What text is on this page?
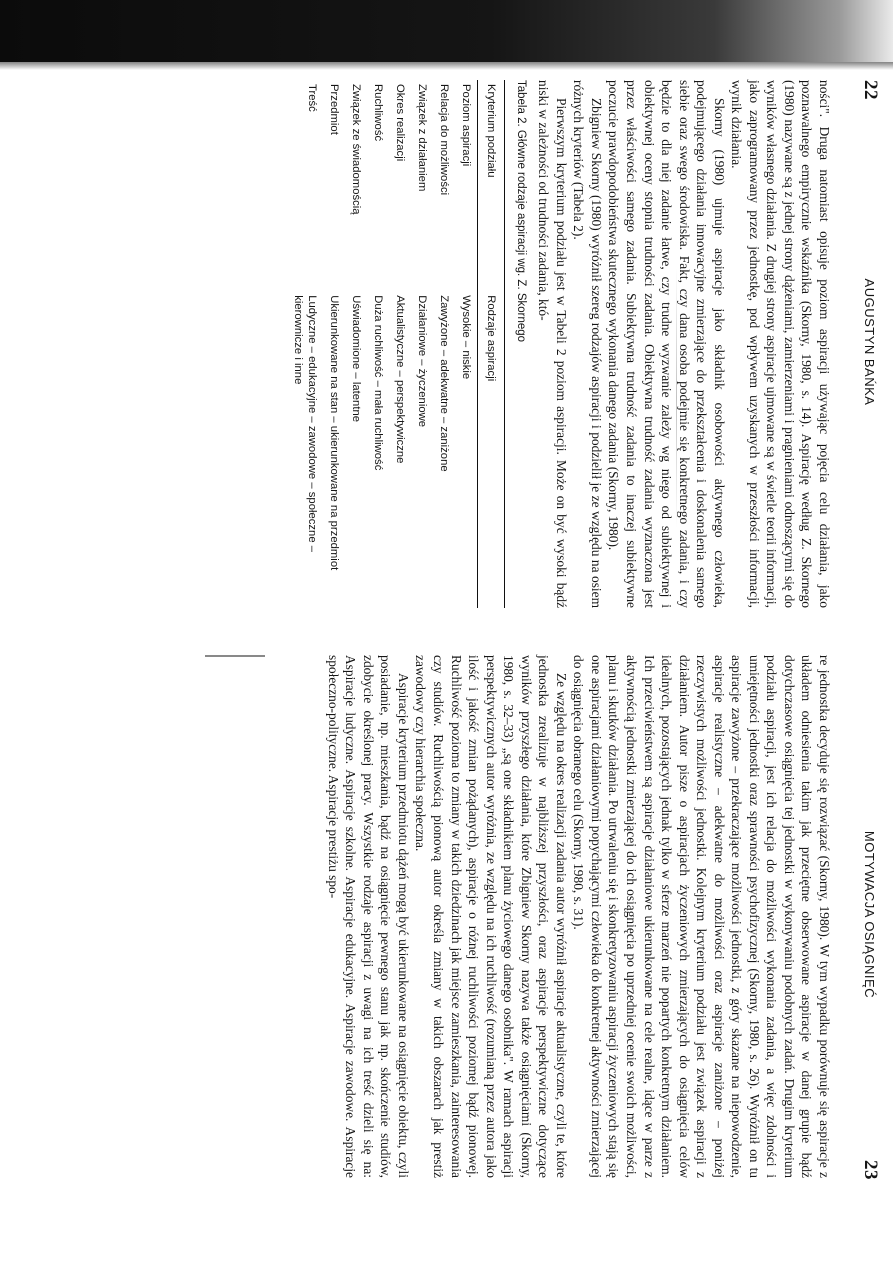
22
AUGUSTYN BAŃKA

ności". Druga natomiast opisuje poziom aspiracji używając pojęcia celu działania, jako poznawalnego empirycznie wskaźnika (Skorny, 1980, s. 14). Aspirację według Z. Skornego (1980) nazywane są z jednej strony dążeniami, zamierzeniami i pragnieniami odnoszącymi się do wyników własnego działania. Z drugiej strony aspiracje ujmowane są w świetle teorii informacji, jako zaprogramowany przez jednostkę, pod wpływem uzyskanych w przeszłości informacji, wynik działania.

Skorny (1980) ujmuje aspiracje jako składnik osobowości aktywnego człowieka, podejmującego działania innowacyjne zmierzające do przekształcenia i doskonalenia samego siebie oraz swego środowiska. Fakt, czy dana osoba podejmie się konkretnego zadania, i czy będzie to dla niej zadanie łatwe, czy trudne wyzwanie zależy wg niego od subiektywnej i obiektywnej oceny stopnia trudności zadania. Obiektywna trudność zadania wyznaczona jest przez właściwości samego zadania. Subiektywna trudność zadania to inaczej subiektywne poczucie prawdopodobieństwa skutecznego wykonania danego zadania (Skorny, 1980).

Zbigniew Skorny (1980) wyróżnił szereg rodzajów aspiracji i podzielił je ze względu na osiem różnych kryteriów (Tabela 2).

Pierwszym kryterium podziału jest w Tabeli 2 poziom aspiracji. Może on być wysoki bądź niski w zależności od trudności zadania, któ-

Tabela 2. Główne rodzaje aspiracji wg. Z. Skornego
Kryterium podziału	Rodzaje aspiracji
Poziom aspiracji	Wysokie – niskie
Relacja do możliwości	Zawyżone – adekwatne – zaniżone
Związek z działaniem	Działaniowe – życzeniowe
Okres realizacji	Aktualistyczne – perspektywiczne
Ruchliwość	Duża ruchliwość – mała ruchliwość
Związek ze świadomością	Uświadomione – latentne
Przedmiot	Ukierunkowane na stan – ukierunkowane na przedmiot
Treść	Ludyczne – edukacyjne – zawodowe – społeczne – kierownicze i inne
MOTYWACJA OSIĄGNIĘĆ
23

re jednostka decyduje się rozwiązać (Skorny, 1980). W tym wypadku porównuje się aspiracje z układem odniesienia takim jak przeciętne obserwowane aspiracje w danej grupie bądź dotychczasowe osiągnięcia tej jednostki w wykonywaniu podobnych zadań. Drugim kryterium podziału aspiracji, jest ich relacja do możliwości wykonania zadania, a więc zdolności i umiejętności jednostki oraz sprawności psychofizycznej (Skorny, 1980, s. 26). Wyróżnił on tu aspiracje zawyżone – przekraczające możliwości jednostki, z góry skazane na niepowodzenie, aspiracje realistyczne – adekwatne do możliwości oraz aspiracje zaniżone – poniżej rzeczywistych możliwości jednostki. Kolejnym kryterium podziału jest związek aspiracji z działaniem. Autor pisze o aspiracjach życzeniowych zmierzających do osiągnięcia celów idealnych, pozostających jednak tylko w sferze marzeń nie popartych konkretnym działaniem. Ich przeciwieństwem są aspiracje działaniowe ukierunkowane na cele realne, idące w parze z aktywnością jednostki zmierzającej do ich osiągnięcia po uprzedniej ocenie swoich możliwości, planu i skutków działania. Po utrwaleniu się i skonkretyzowaniu aspiracji życzeniowych stają się one aspiracjami działaniowymi popychającymi człowieka do konkretnej aktywności zmierzającej do osiągnięcia obranego celu (Skorny, 1980, s. 31).

Ze względu na okres realizacji zadania autor wyróżnił aspiracje aktualistyczne, czyli te, które jednostka zrealizuje w najbliższej przyszłości, oraz aspiracje perspektywiczne dotyczące wyników przyszłego działania, które Zbigniew Skorny nazywa także osiągnięciami (Skorny, 1980, s. 32–33) „są one składnikiem planu życiowego danego osobnika". W ramach aspiracji perspektywicznych autor wyróżnia, ze względu na ich ruchliwość (rozumianą przez autora jako ilość i jakość zmian pożądanych), aspiracje o różnej ruchliwości poziomej bądź pionowej. Ruchliwość pozioma to zmiany w takich dziedzinach jak miejsce zamieszkania, zainteresowania czy studiów. Ruchliwością pionową autor określa zmiany w takich obszarach jak prestiż zawodowy czy hierarchia społeczna.

Aspiracje kryterium przedmiotu dążeń mogą być ukierunkowane na osiągnięcie obiektu, czyli posiadanie, np. mieszkania, bądź na osiągnięcie pewnego stanu jak np. skończenie studiów, zdobycie określonej pracy. Wszystkie rodzaje aspiracji z uwagi na ich treść dzieli się na: Aspiracje ludyczne. Aspiracje szkolne. Aspiracje edukacyjne. Aspiracje zawodowe. Aspiracje społeczno-polityczne. Aspiracje prestiżu spo-
